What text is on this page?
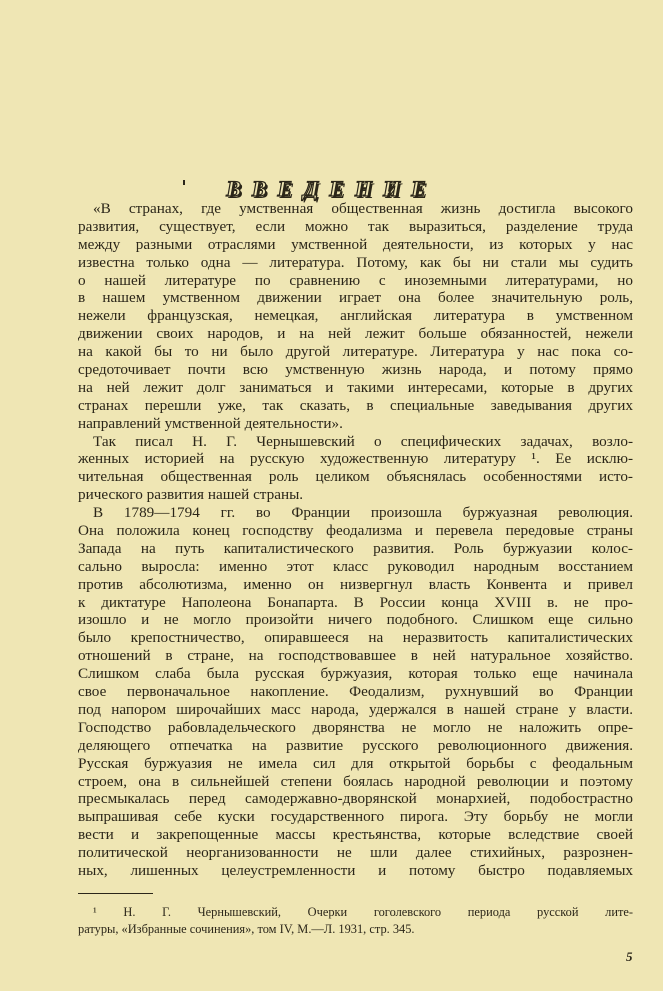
ВВЕДЕНИЕ
«В странах, где умственная общественная жизнь достигла высокого
развития, существует, если можно так выразиться, разделение труда
между разными отраслями умственной деятельности, из которых у нас
известна только одна — литература. Потому, как бы ни стали мы судить
о нашей литературе по сравнению с иноземными литературами, но
в нашем умственном движении играет она более значительную роль,
нежели французская, немецкая, английская литература в умственном
движении своих народов, и на ней лежит больше обязанностей, нежели
на какой бы то ни было другой литературе. Литература у нас пока со-
средоточивает почти всю умственную жизнь народа, и потому прямо
на ней лежит долг заниматься и такими интересами, которые в других
странах перешли уже, так сказать, в специальные заведывания других
направлений умственной деятельности».
Так писал Н. Г. Чернышевский о специфических задачах, возло-
женных историей на русскую художественную литературу ¹. Ее исклю-
чительная общественная роль целиком объяснялась особенностями исто-
рического развития нашей страны.
В 1789—1794 гг. во Франции произошла буржуазная революция.
Она положила конец господству феодализма и перевела передовые страны
Запада на путь капиталистического развития. Роль буржуазии колос-
сально выросла: именно этот класс руководил народным восстанием
против абсолютизма, именно он низвергнул власть Конвента и привел
к диктатуре Наполеона Бонапарта. В России конца XVIII в. не про-
изошло и не могло произойти ничего подобного. Слишком еще сильно
было крепостничество, опиравшееся на неразвитость капиталистических
отношений в стране, на господствовавшее в ней натуральное хозяйство.
Слишком слаба была русская буржуазия, которая только еще начинала
свое первоначальное накопление. Феодализм, рухнувший во Франции
под напором широчайших масс народа, удержался в нашей стране у власти.
Господство рабовладельческого дворянства не могло не наложить опре-
деляющего отпечатка на развитие русского революционного движения.
Русская буржуазия не имела сил для открытой борьбы с феодальным
строем, она в сильнейшей степени боялась народной революции и поэтому
пресмыкалась перед самодержавно-дворянской монархией, подобострастно
выпрашивая себе куски государственного пирога. Эту борьбу не могли
вести и закрепощенные массы крестьянства, которые вследствие своей
политической неорганизованности не шли далее стихийных, разрознен-
ных, лишенных целеустремленности и потому быстро подавляемых
¹ Н. Г. Чернышевский, Очерки гоголевского периода русской лите-
ратуры, «Избранные сочинения», том IV, М.—Л. 1931, стр. 345.
5
